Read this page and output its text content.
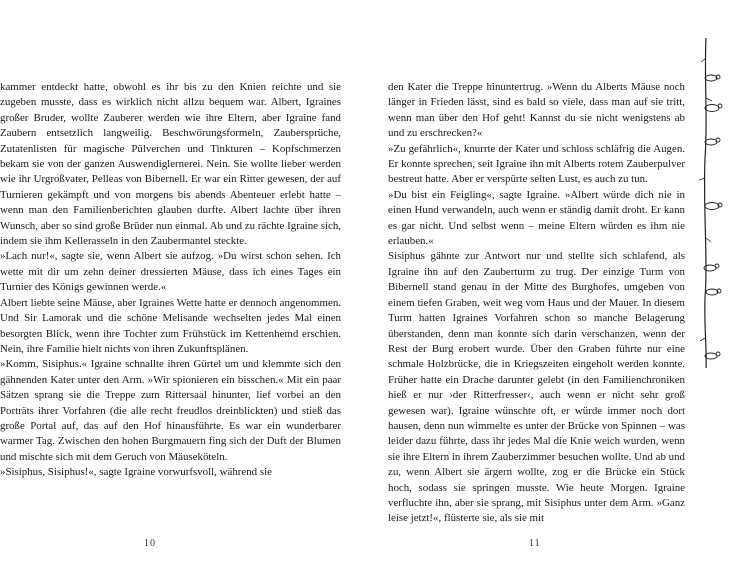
kammer entdeckt hatte, obwohl es ihr bis zu den Knien reichte und sie zugeben musste, dass es wirklich nicht allzu bequem war. Albert, Igraines großer Bruder, wollte Zauberer werden wie ihre Eltern, aber Igraine fand Zaubern entsetzlich langweilig. Beschwörungsformeln, Zaubersprüche, Zutatenlisten für magische Pülverchen und Tinkturen – Kopfschmerzen bekam sie von der ganzen Auswendiglernerei. Nein. Sie wollte lieber werden wie ihr Urgroßvater, Pelleas von Bibernell. Er war ein Ritter gewesen, der auf Turnieren gekämpft und von morgens bis abends Abenteuer erlebt hatte – wenn man den Familienberichten glauben durfte. Albert lachte über ihren Wunsch, aber so sind große Brüder nun einmal. Ab und zu rächte Igraine sich, indem sie ihm Kellerasseln in den Zaubermantel steckte.

»Lach nur!«, sagte sie, wenn Albert sie aufzog. »Du wirst schon sehen. Ich wette mit dir um zehn deiner dressierten Mäuse, dass ich eines Tages ein Turnier des Königs gewinnen werde.«

Albert liebte seine Mäuse, aber Igraines Wette hatte er dennoch angenommen. Und Sir Lamorak und die schöne Melisande wechselten jedes Mal einen besorgten Blick, wenn ihre Tochter zum Frühstück im Kettenhemd erschien. Nein, ihre Familie hielt nichts von ihren Zukunftsplänen.

»Komm, Sisiphus.« Igraine schnallte ihren Gürtel um und klemmte sich den gähnenden Kater unter den Arm. »Wir spionieren ein bisschen.« Mit ein paar Sätzen sprang sie die Treppe zum Rittersaal hinunter, lief vorbei an den Porträts ihrer Vorfahren (die alle recht freudlos dreinblickten) und stieß das große Portal auf, das auf den Hof hinausführte. Es war ein wunderbarer warmer Tag. Zwischen den hohen Burgmauern fing sich der Duft der Blumen und mischte sich mit dem Geruch von Mäuseköteln.

»Sisiphus, Sisiphus!«, sagte Igraine vorwurfsvoll, während sie

den Kater die Treppe hinuntertrug. »Wenn du Alberts Mäuse noch länger in Frieden lässt, sind es bald so viele, dass man auf sie tritt, wenn man über den Hof geht! Kannst du sie nicht wenigstens ab und zu erschrecken?«

»Zu gefährlich«, knurrte der Kater und schloss schläfrig die Augen. Er konnte sprechen, seit Igraine ihn mit Alberts rotem Zauberpulver bestreut hatte. Aber er verspürte selten Lust, es auch zu tun.

»Du bist ein Feigling«, sagte Igraine. »Albert würde dich nie in einen Hund verwandeln, auch wenn er ständig damit droht. Er kann es gar nicht. Und selbst wenn – meine Eltern würden es ihm nie erlauben.«

Sisiphus gähnte zur Antwort nur und stellte sich schlafend, als Igraine ihn auf den Zauberturm zu trug. Der einzige Turm von Bibernell stand genau in der Mitte des Burghofes, umgeben von einem tiefen Graben, weit weg vom Haus und der Mauer. In diesem Turm hatten Igraines Vorfahren schon so manche Belagerung überstanden, denn man konnte sich darin verschanzen, wenn der Rest der Burg erobert wurde. Über den Graben führte nur eine schmale Holzbrücke, die in Kriegszeiten eingeholt werden konnte. Früher hatte ein Drache darunter gelebt (in den Familienchroniken hieß er nur ›der Ritterfresser‹, auch wenn er nicht sehr groß gewesen war). Igraine wünschte oft, er würde immer noch dort hausen, denn nun wimmelte es unter der Brücke von Spinnen – was leider dazu führte, dass ihr jedes Mal die Knie weich wurden, wenn sie ihre Eltern in ihrem Zauberzimmer besuchen wollte. Und ab und zu, wenn Albert sie ärgern wollte, zog er die Brücke ein Stück hoch, sodass sie springen musste. Wie heute Morgen. Igraine verfluchte ihn, aber sie sprang, mit Sisiphus unter dem Arm. »Ganz leise jetzt!«, flüsterte sie, als sie mit

10	11
